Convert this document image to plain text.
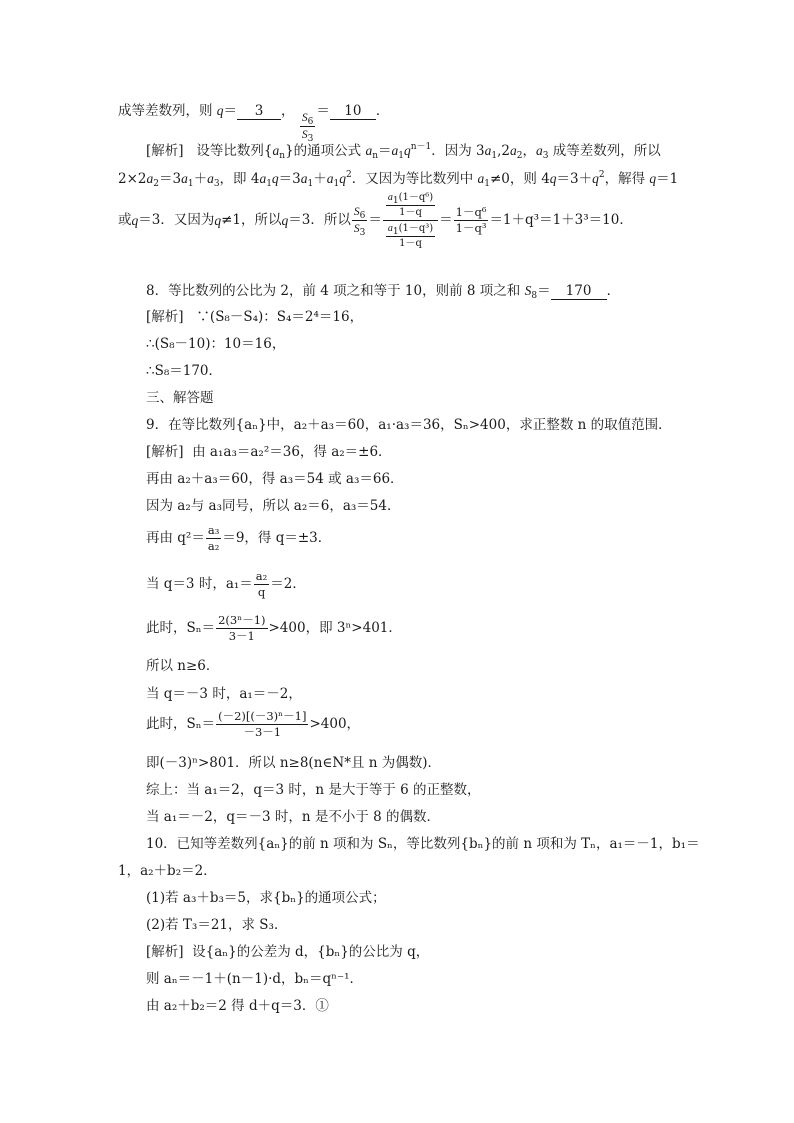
成等差数列，则 q＝ 3 ， $\frac{S_6}{S_3} = 10$ ．
[解析] 设等比数列$\{a_n\}$的通项公式 $a_n=a_1q^{n-1}$．因为 $3a_1,2a_2$，$a_3$ 成等差数列，所以
$2\times 2a_2=3a_1+a_3$，即 $4a_1q=3a_1+a_1q^2$．又因为等比数列中 $a_1\ne 0$，则 $4q=3+q^2$，解得 q＝1
或 q ＝3．又因为 q ≠1，所以 q ＝3．所以 $\frac{S_6}{S_3} = \frac{\frac{a_1(1-q^6)}{1-q}}{\frac{a_1(1-q^3)}{1-q}} = \frac{\text{1－q⁶}}{\text{1－q³}} =1+q^3=1+3^3=10$．
8．等比数列的公比为 2，前 4 项之和等于 10，则前 8 项之和 $S_8= 170$ ．
[解析] ∵(S₈－S₄)：S₄＝2⁴＝16，
∴(S₈－10)：10＝16，
∴S₈＝170．
三、解答题
9．在等比数列{aₙ}中，a₂＋a₃＝60，a₁·a₃＝36，Sₙ>400，求正整数 n 的取值范围．
[解析] 由 a₁a₃＝a₂²＝36，得 a₂＝±6．
再由 a₂＋a₃＝60，得 a₃＝54 或 a₃＝66．
因为 a₂与 a₃同号，所以 a₂＝6，a₃＝54．
再由 $q^2= \frac{\text{a₃}}{\text{a₂}} =9$，得 q＝±3．
当 q＝3 时，$a_1= \frac{\text{a₂}}{q} =2$．
此时，$S_n= \frac{\text{2(3ⁿ－1)}}{3-1} >400$，即 3ⁿ>401．
所以 n≥6．
当 q＝－3 时，a₁＝－2，
此时，$S_n= \frac{\text{(－2)[(－3)ⁿ－1]}}{-3-1} >400$，
即(－3)ⁿ>801．所以 n≥8(n∈N*且 n 为偶数)．
综上：当 a₁＝2，q＝3 时，n 是大于等于 6 的正整数，
当 a₁＝－2，q＝－3 时，n 是不小于 8 的偶数．
10．已知等差数列{aₙ}的前 n 项和为 Sₙ，等比数列{bₙ}的前 n 项和为 Tₙ，a₁＝－1，b₁＝
1，a₂＋b₂＝2．
(1)若 a₃＋b₃＝5，求{bₙ}的通项公式；
(2)若 T₃＝21，求 S₃．
[解析] 设{aₙ}的公差为 d，{bₙ}的公比为 q，
则 aₙ＝－1＋(n－1)·d，bₙ＝qⁿ⁻¹．
由 a₂＋b₂＝2 得 d＋q＝3．①
